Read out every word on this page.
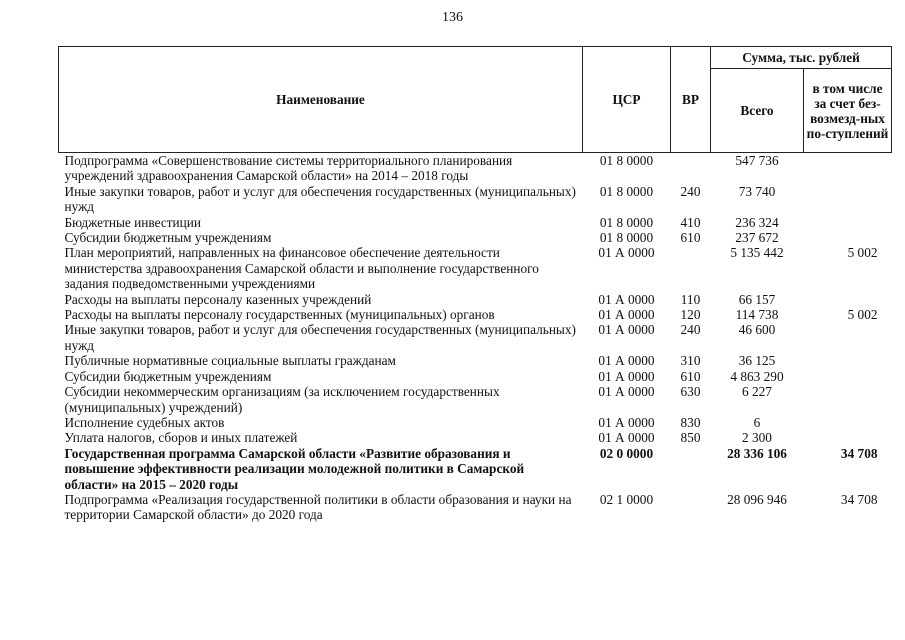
136
Наименование	ЦСР	ВР	Сумма, тыс. рублей	
			Всего	в том числе за счет без-возмезд-ных по-ступлений
Подпрограмма «Совершенствование системы территориального планирования учреждений здравоохранения Самарской области» на 2014 – 2018 годы	01 8 0000		547 736	
Иные закупки товаров, работ и услуг для обеспечения государственных (муниципальных) нужд	01 8 0000	240	73 740	
Бюджетные инвестиции	01 8 0000	410	236 324	
Субсидии бюджетным учреждениям	01 8 0000	610	237 672	
План мероприятий, направленных на финансовое обеспечение деятельности министерства здравоохранения Самарской области и выполнение государственного задания подведомственными учреждениями	01 А 0000		5 135 442	5 002
Расходы на выплаты персоналу казенных учреждений	01 А 0000	110	66 157	
Расходы на выплаты персоналу государственных (муниципальных) органов	01 А 0000	120	114 738	5 002
Иные закупки товаров, работ и услуг для обеспечения государственных (муниципальных) нужд	01 А 0000	240	46 600	
Публичные нормативные социальные выплаты гражданам	01 А 0000	310	36 125	
Субсидии бюджетным учреждениям	01 А 0000	610	4 863 290	
Субсидии некоммерческим организациям (за исключением государственных (муниципальных) учреждений)	01 А 0000	630	6 227	
Исполнение судебных актов	01 А 0000	830	6	
Уплата налогов, сборов и иных платежей	01 А 0000	850	2 300	
Государственная программа Самарской области «Развитие образования и повышение эффективности реализации молодежной политики в Самарской области» на 2015 – 2020 годы	02 0 0000		28 336 106	34 708
Подпрограмма «Реализация государственной политики в области образования и науки на территории Самарской области» до 2020 года	02 1 0000		28 096 946	34 708
